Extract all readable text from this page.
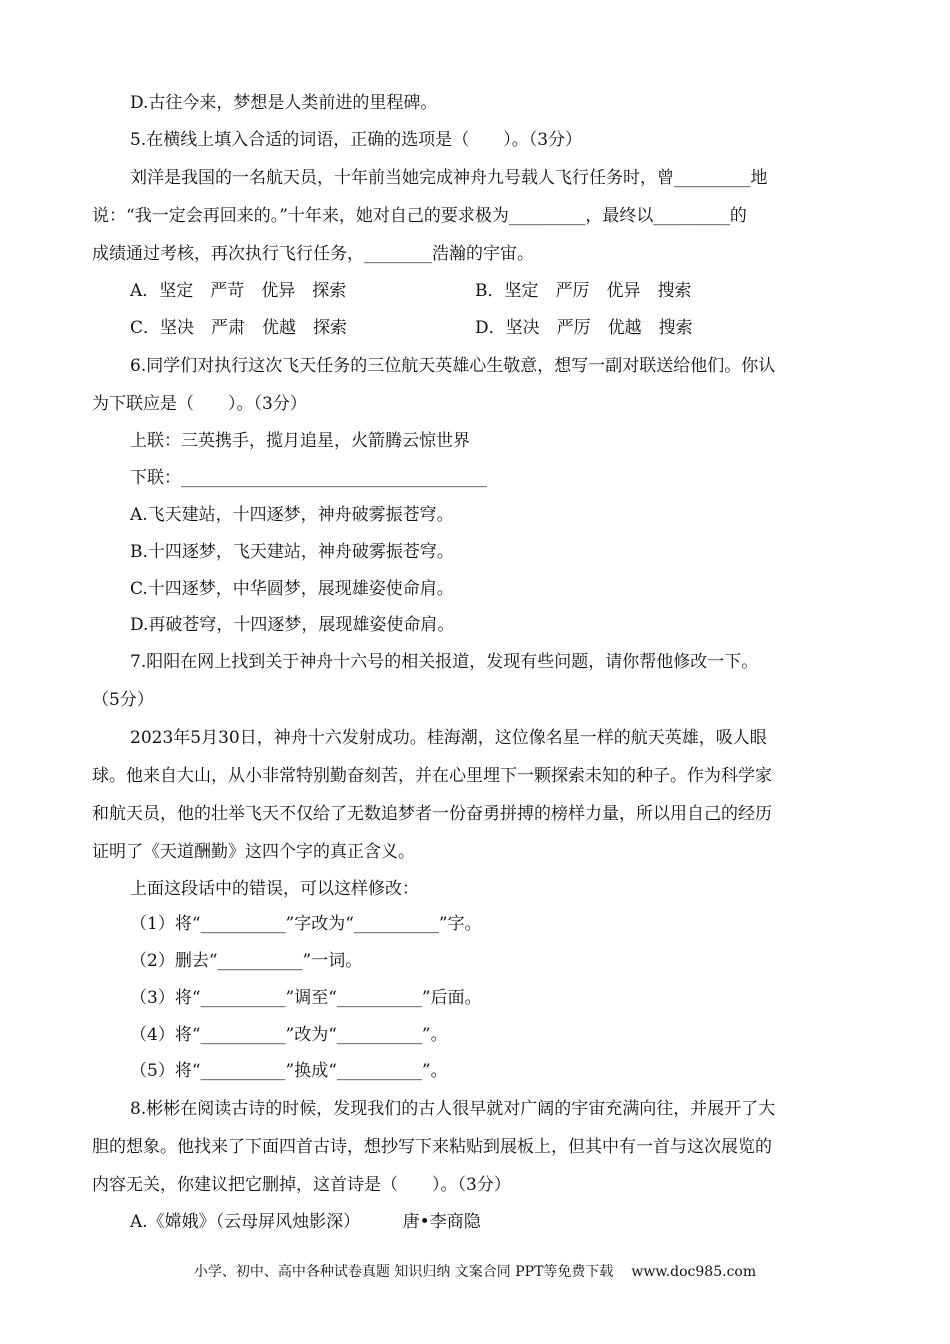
D.古往今来，梦想是人类前进的里程碑。
5.在横线上填入合适的词语，正确的选项是（　　）。（3分）
刘洋是我国的一名航天员，十年前当她完成神舟九号载人飞行任务时，曾_________地
说：“我一定会再回来的。”十年来，她对自己的要求极为_________，最终以_________的
成绩通过考核，再次执行飞行任务，________浩瀚的宇宙。
A．坚定　严苛　优异　探索	B．坚定　严厉　优异　搜索
C．坚决　严肃　优越　探索	D．坚决　严厉　优越　搜索
6.同学们对执行这次飞天任务的三位航天英雄心生敬意，想写一副对联送给他们。你认
为下联应是（　　）。（3分）
上联：三英携手，揽月追星，火箭腾云惊世界
下联：____________________________________
A.飞天建站，十四逐梦，神舟破雾振苍穹。
B.十四逐梦，飞天建站，神舟破雾振苍穹。
C.十四逐梦，中华圆梦，展现雄姿使命肩。
D.再破苍穹，十四逐梦，展现雄姿使命肩。
7.阳阳在网上找到关于神舟十六号的相关报道，发现有些问题，请你帮他修改一下。
（5分）
2023年5月30日，神舟十六发射成功。桂海潮，这位像名星一样的航天英雄，吸人眼
球。他来自大山，从小非常特别勤奋刻苦，并在心里埋下一颗探索未知的种子。作为科学家
和航天员，他的壮举飞天不仅给了无数追梦者一份奋勇拼搏的榜样力量，所以用自己的经历
证明了《天道酬勤》这四个字的真正含义。
上面这段话中的错误，可以这样修改：
（1）将“__________”字改为“__________”字。
（2）删去“__________”一词。
（3）将“__________”调至“__________”后面。
（4）将“__________”改为“__________”。
（5）将“__________”换成“__________”。
8.彬彬在阅读古诗的时候，发现我们的古人很早就对广阔的宇宙充满向往，并展开了大
胆的想象。他找来了下面四首古诗，想抄写下来粘贴到展板上，但其中有一首与这次展览的
内容无关，你建议把它删掉，这首诗是（　　）。（3分）
A.《嫦娥》（云母屏风烛影深）　　　唐•李商隐
小学、初中、高中各种试卷真题 知识归纳 文案合同 PPT等免费下载 www.doc985.com
